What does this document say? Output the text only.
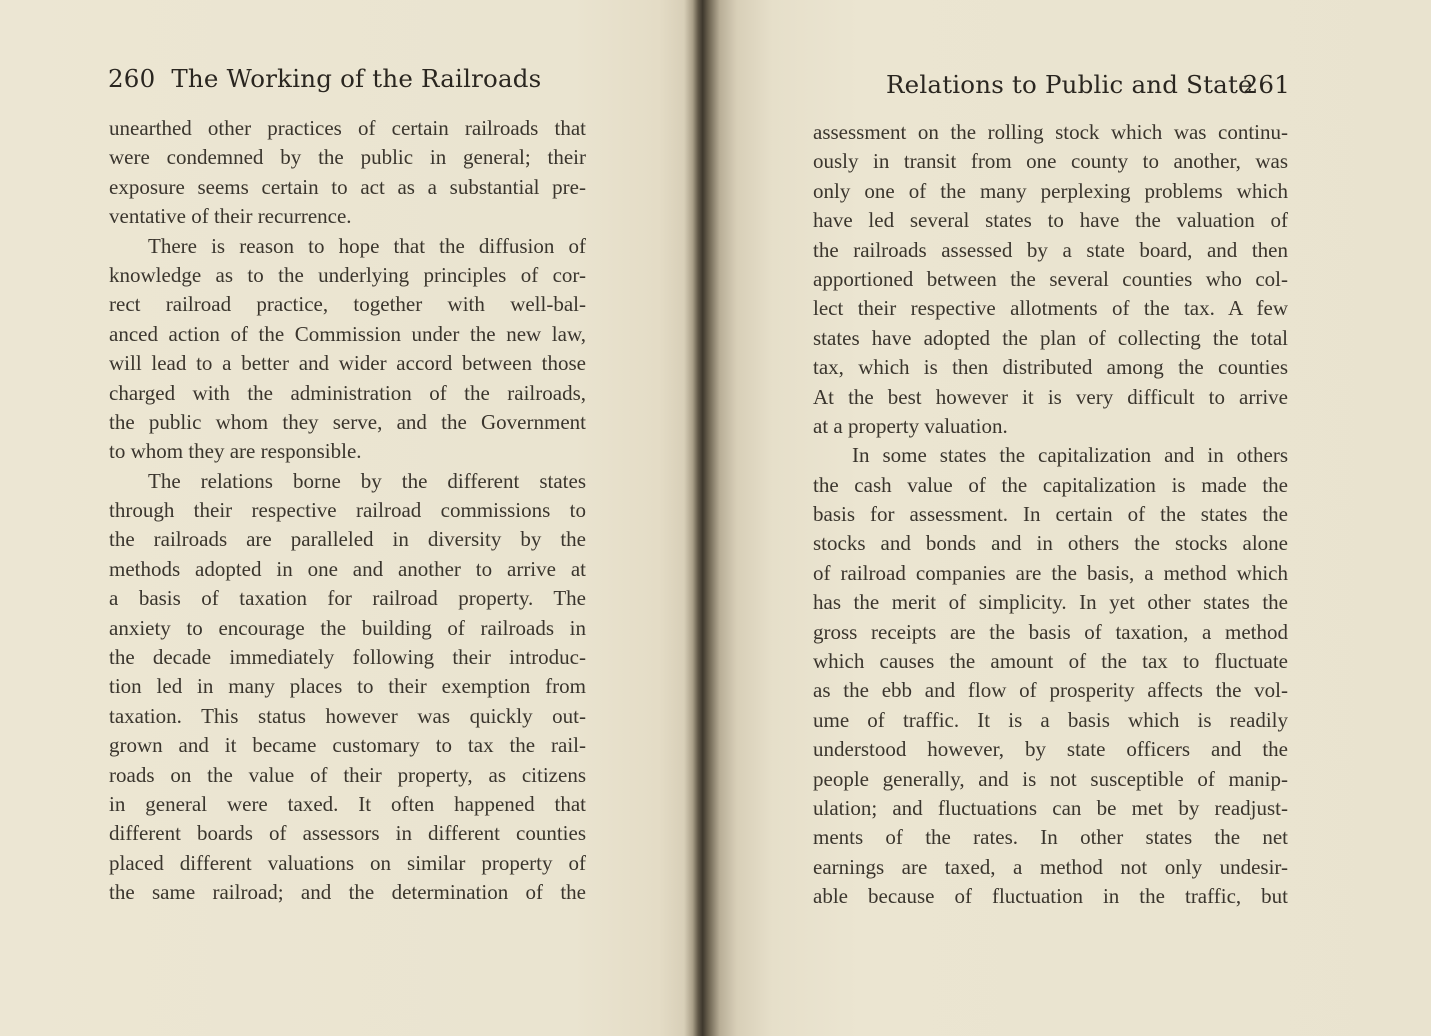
260 The Working of the Railroads
unearthed other practices of certain railroads that
were condemned by the public in general; their
exposure seems certain to act as a substantial pre-
ventative of their recurrence.
There is reason to hope that the diffusion of
knowledge as to the underlying principles of cor-
rect railroad practice, together with well-bal-
anced action of the Commission under the new law,
will lead to a better and wider accord between those
charged with the administration of the railroads,
the public whom they serve, and the Government
to whom they are responsible.
The relations borne by the different states
through their respective railroad commissions to
the railroads are paralleled in diversity by the
methods adopted in one and another to arrive at
a basis of taxation for railroad property. The
anxiety to encourage the building of railroads in
the decade immediately following their introduc-
tion led in many places to their exemption from
taxation. This status however was quickly out-
grown and it became customary to tax the rail-
roads on the value of their property, as citizens
in general were taxed. It often happened that
different boards of assessors in different counties
placed different valuations on similar property of
the same railroad; and the determination of the
Relations to Public and State
261
assessment on the rolling stock which was continu-
ously in transit from one county to another, was
only one of the many perplexing problems which
have led several states to have the valuation of
the railroads assessed by a state board, and then
apportioned between the several counties who col-
lect their respective allotments of the tax. A few
states have adopted the plan of collecting the total
tax, which is then distributed among the counties
At the best however it is very difficult to arrive
at a property valuation.
In some states the capitalization and in others
the cash value of the capitalization is made the
basis for assessment. In certain of the states the
stocks and bonds and in others the stocks alone
of railroad companies are the basis, a method which
has the merit of simplicity. In yet other states the
gross receipts are the basis of taxation, a method
which causes the amount of the tax to fluctuate
as the ebb and flow of prosperity affects the vol-
ume of traffic. It is a basis which is readily
understood however, by state officers and the
people generally, and is not susceptible of manip-
ulation; and fluctuations can be met by readjust-
ments of the rates. In other states the net
earnings are taxed, a method not only undesir-
able because of fluctuation in the traffic, but
